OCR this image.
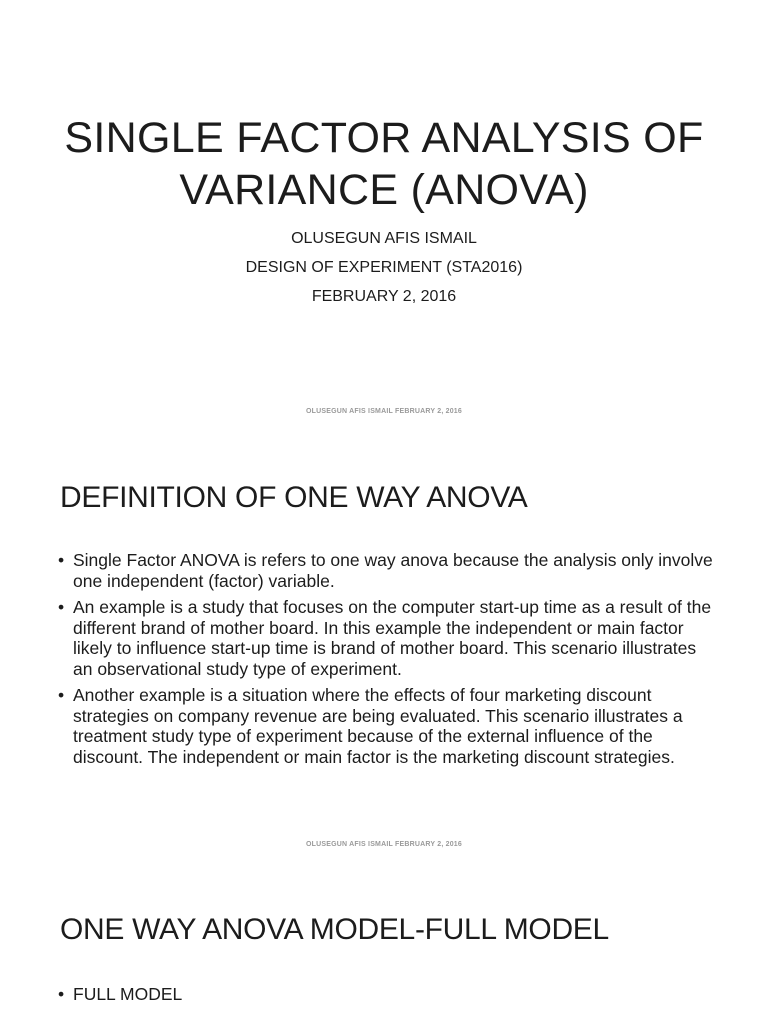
SINGLE FACTOR ANALYSIS OF
VARIANCE (ANOVA)

OLUSEGUN AFIS ISMAIL

DESIGN OF EXPERIMENT (STA2016)

FEBRUARY 2, 2016

OLUSEGUN AFIS ISMAIL FEBRUARY 2, 2016
DEFINITION OF ONE WAY ANOVA
• Single Factor ANOVA is refers to one way anova because the analysis only involve one independent (factor) variable.
• An example is a study that focuses on the computer start-up time as a result of the different brand of mother board. In this example the independent or main factor likely to influence start-up time is brand of mother board. This scenario illustrates an observational study type of experiment.
• Another example is a situation where the effects of four marketing discount strategies on company revenue are being evaluated. This scenario illustrates a treatment study type of experiment because of the external influence of the discount. The independent or main factor is the marketing discount strategies.
OLUSEGUN AFIS ISMAIL FEBRUARY 2, 2016
ONE WAY ANOVA MODEL-FULL MODEL
• FULL MODEL
